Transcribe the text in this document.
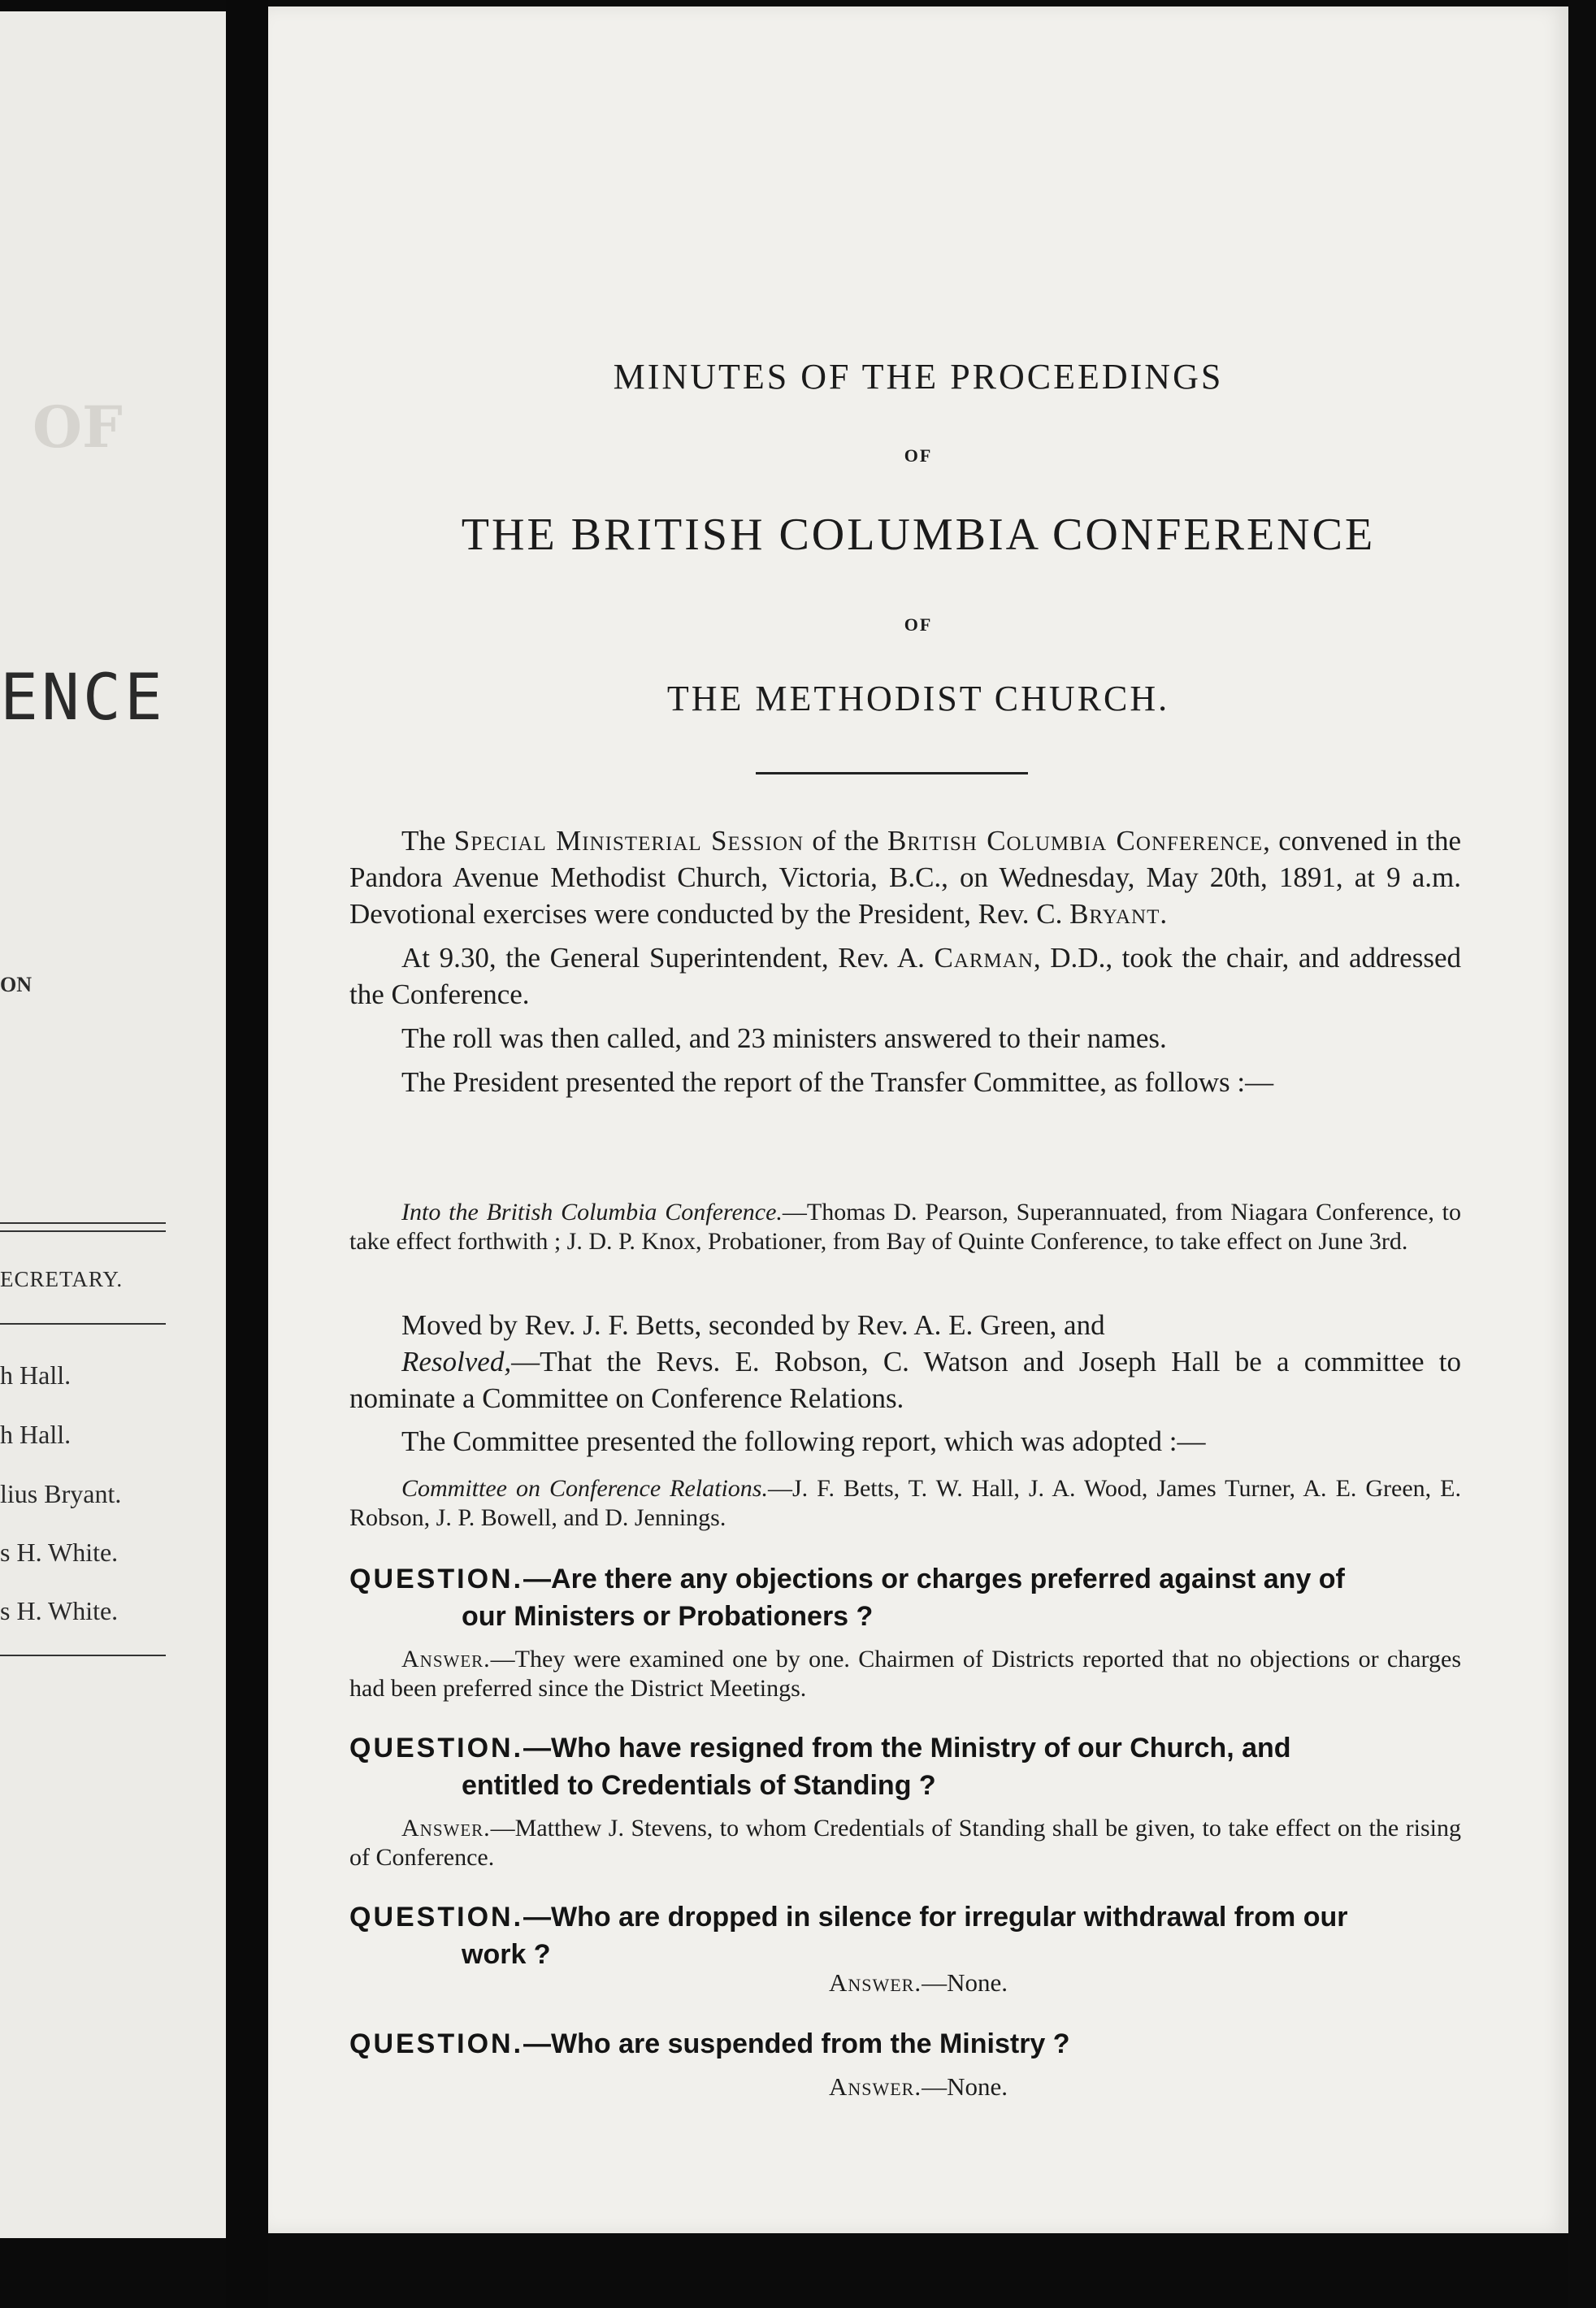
OF
ENCE
ON
ECRETARY.
h Hall.
h Hall.
lius Bryant.
s H. White.
s H. White.
MINUTES OF THE PROCEEDINGS
OF
THE BRITISH COLUMBIA CONFERENCE
OF
THE METHODIST CHURCH.

The Special Ministerial Session of the British Columbia Conference, convened in the Pandora Avenue Methodist Church, Victoria, B.C., on Wednesday, May 20th, 1891, at 9 a.m. Devotional exercises were conducted by the President, Rev. C. Bryant.

At 9.30, the General Superintendent, Rev. A. Carman, D.D., took the chair, and addressed the Conference.

The roll was then called, and 23 ministers answered to their names.

The President presented the report of the Transfer Committee, as follows :—

Into the British Columbia Conference.—Thomas D. Pearson, Superannuated, from Niagara Conference, to take effect forthwith ; J. D. P. Knox, Probationer, from Bay of Quinte Conference, to take effect on June 3rd.

Moved by Rev. J. F. Betts, seconded by Rev. A. E. Green, and

Resolved,—That the Revs. E. Robson, C. Watson and Joseph Hall be a committee to nominate a Committee on Conference Relations.

The Committee presented the following report, which was adopted :—

Committee on Conference Relations.—J. F. Betts, T. W. Hall, J. A. Wood, James Turner, A. E. Green, E. Robson, J. P. Bowell, and D. Jennings.

QUESTION.—Are there any objections or charges preferred against any of
our Ministers or Probationers ?

Answer.—They were examined one by one. Chairmen of Districts reported that no objections or charges had been preferred since the District Meetings.

QUESTION.—Who have resigned from the Ministry of our Church, and
entitled to Credentials of Standing ?

Answer.—Matthew J. Stevens, to whom Credentials of Standing shall be given, to take effect on the rising of Conference.

QUESTION.—Who are dropped in silence for irregular withdrawal from our
work ?
Answer.—None.
QUESTION.—Who are suspended from the Ministry ?
Answer.—None.
